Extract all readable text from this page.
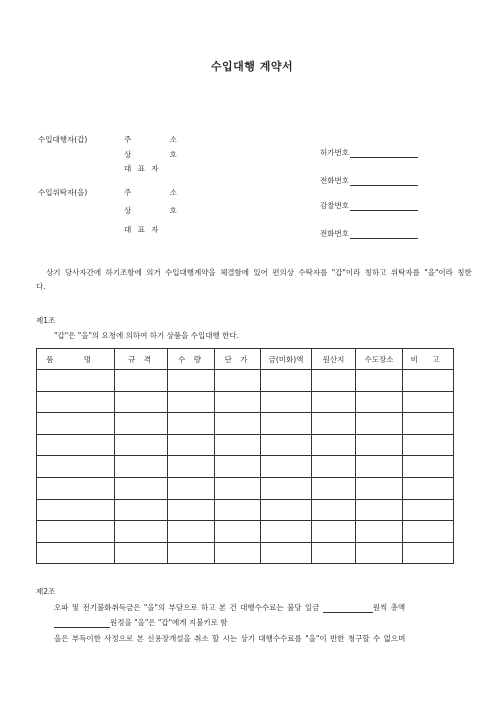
수입대행 계약서
수입대행자(갑)	주 소
상 호
대 표 자
허가번호
전화번호
수입위탁자(을)	주 소
상 호
대 표 자
감찰번호
전화번호
상기 당사자간에 하기조항에 의거 수입대행계약을 체결함에 있어 편의상 수탁자를 "갑"이라 칭하고 위탁자를 "을"이라 칭한다.
제1조
"갑"은 "을"의 요청에 의하여 하기 상품을 수입대행 한다.
품 명	규 격	수 량	단 가	금(미화)액	원산지	수도장소	비 고

제2조
오파 및 전기불화취득금은 "을"의 부담으로 하고 본 건 대행수수료는 불당 일금	원씩 총액
원정을 "을"은 "갑"에게 지불키로 함
을은 부득이한 사정으로 본 신용장개설을 취소 할 시는 상기 대행수수료를 "을"이 반한 청구할 수 없으며
